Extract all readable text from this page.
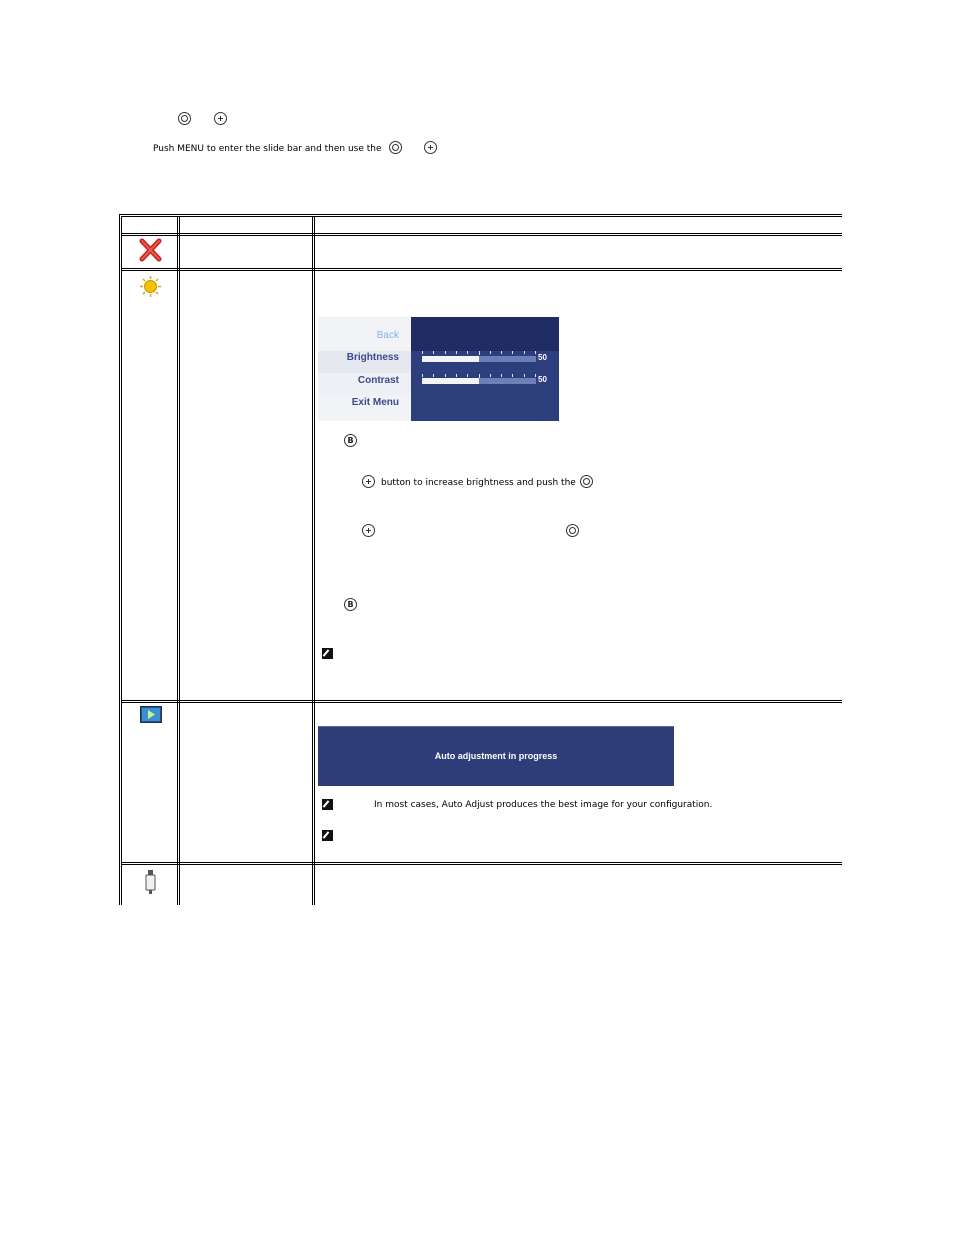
+
Push MENU to enter the slide bar and then use the	+
Back
Brightness
Contrast
Exit Menu
50
50
B
+ button to increase brightness and push the
+
B
Auto adjustment in progress
In most cases, Auto Adjust produces the best image for your configuration.
